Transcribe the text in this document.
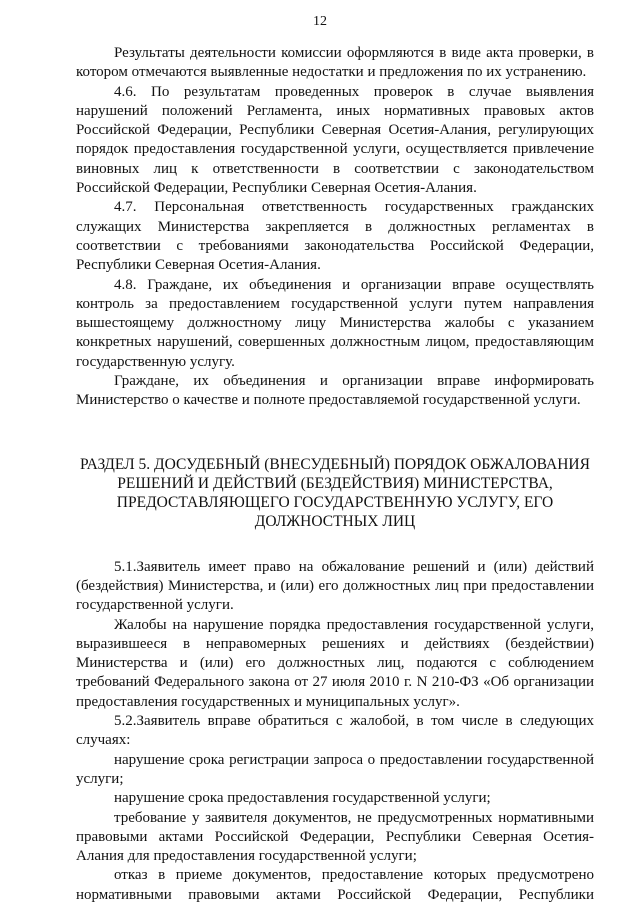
12

Результаты деятельности комиссии оформляются в виде акта проверки, в котором отмечаются выявленные недостатки и предложения по их устранению.

4.6. По результатам проведенных проверок в случае выявления нарушений положений Регламента, иных нормативных правовых актов Российской Федерации, Республики Северная Осетия-Алания, регулирующих порядок предоставления государственной услуги, осуществляется привлечение виновных лиц к ответственности в соответствии с законодательством Российской Федерации, Республики Северная Осетия-Алания.

4.7. Персональная ответственность государственных гражданских служащих Министерства закрепляется в должностных регламентах в соответствии с требованиями законодательства Российской Федерации, Республики Северная Осетия-Алания.

4.8. Граждане, их объединения и организации вправе осуществлять контроль за предоставлением государственной услуги путем направления вышестоящему должностному лицу Министерства жалобы с указанием конкретных нарушений, совершенных должностным лицом, предоставляющим государственную услугу.

Граждане, их объединения и организации вправе информировать Министерство о качестве и полноте предоставляемой государственной услуги.

РАЗДЕЛ 5. ДОСУДЕБНЫЙ (ВНЕСУДЕБНЫЙ) ПОРЯДОК ОБЖАЛОВАНИЯ РЕШЕНИЙ И ДЕЙСТВИЙ (БЕЗДЕЙСТВИЯ) МИНИСТЕРСТВА, ПРЕДОСТАВЛЯЮЩЕГО ГОСУДАРСТВЕННУЮ УСЛУГУ, ЕГО ДОЛЖНОСТНЫХ ЛИЦ

5.1.Заявитель имеет право на обжалование решений и (или) действий (бездействия) Министерства, и (или) его должностных лиц при предоставлении государственной услуги.

Жалобы на нарушение порядка предоставления государственной услуги, выразившееся в неправомерных решениях и действиях (бездействии) Министерства и (или) его должностных лиц, подаются с соблюдением требований Федерального закона от 27 июля 2010 г. N 210-ФЗ «Об организации предоставления государственных и муниципальных услуг».

5.2.Заявитель вправе обратиться с жалобой, в том числе в следующих случаях:

нарушение срока регистрации запроса о предоставлении государственной услуги;

нарушение срока предоставления государственной услуги;

требование у заявителя документов, не предусмотренных нормативными правовыми актами Российской Федерации, Республики Северная Осетия-Алания для предоставления государственной услуги;

отказ в приеме документов, предоставление которых предусмотрено нормативными правовыми актами Российской Федерации, Республики
